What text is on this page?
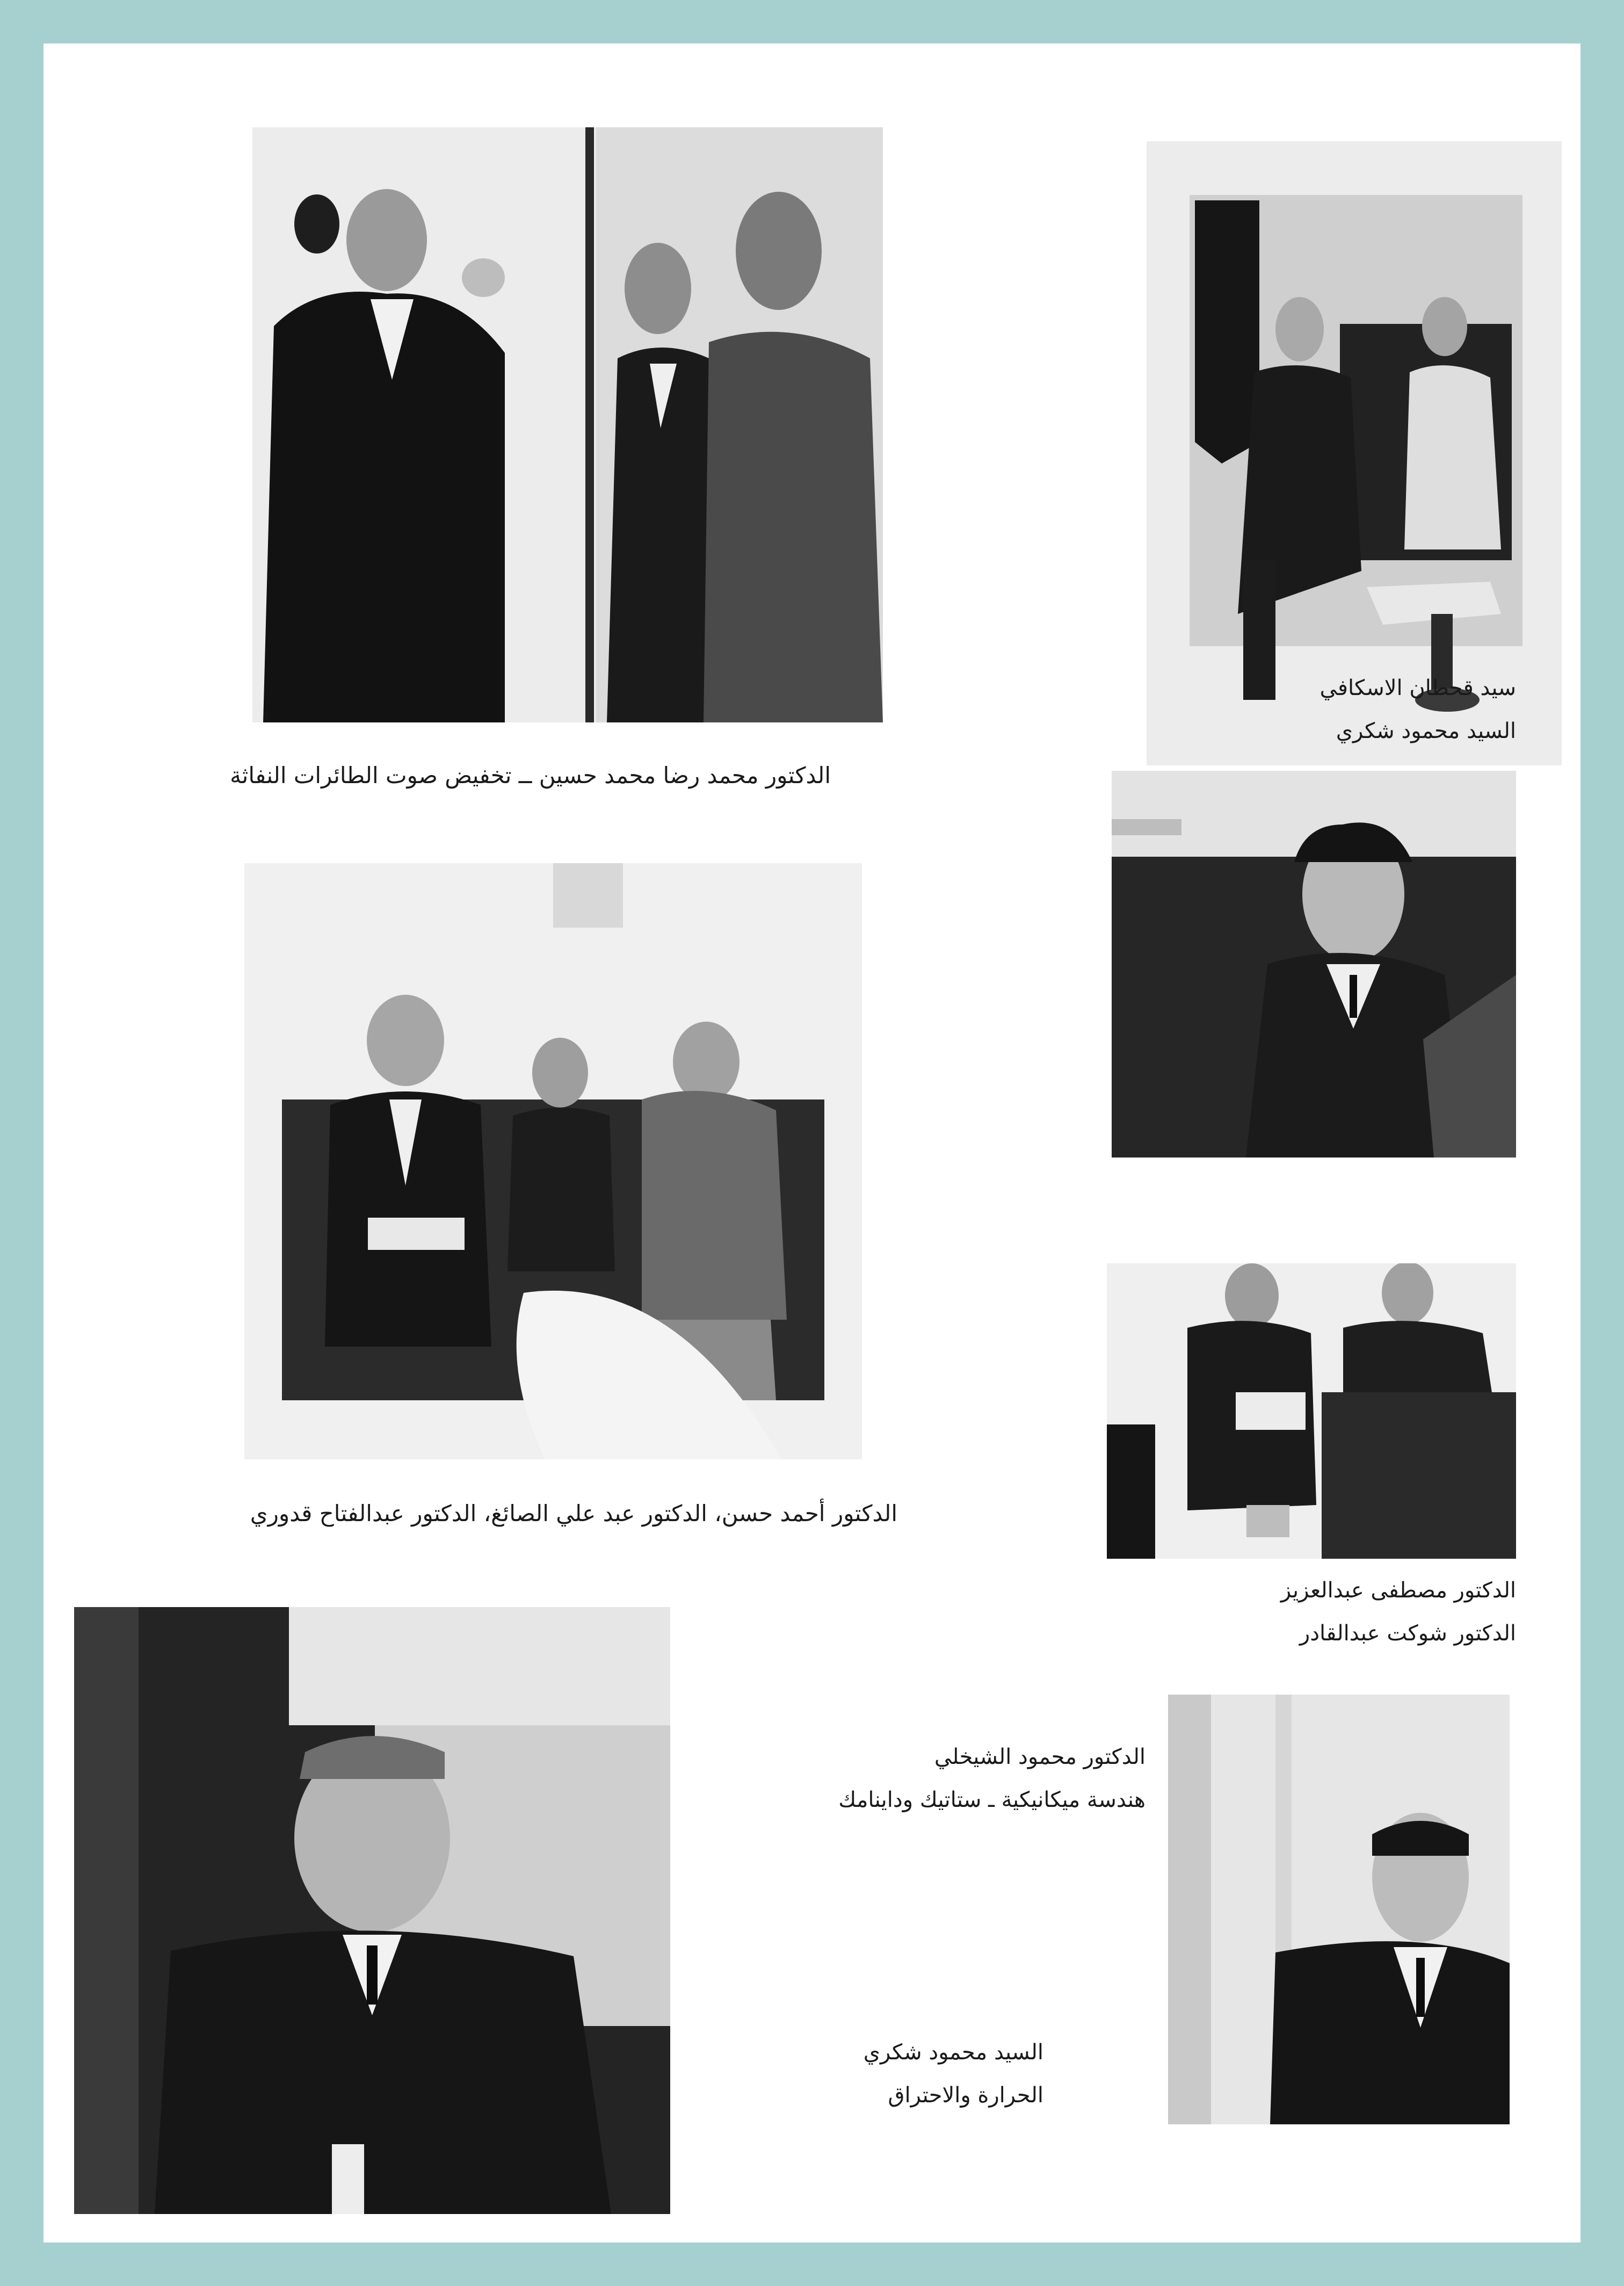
الدكتور محمد رضا محمد حسين ــ تخفيض صوت الطائرات النفاثة
سيد قحطان الاسكافي
السيد محمود شكري
الدكتور أحمد حسن، الدكتور عبد علي الصائغ، الدكتور عبدالفتاح قدوري
الدكتور مصطفى عبدالعزيز
الدكتور شوكت عبدالقادر
الدكتور محمود الشيخلي
هندسة ميكانيكية ـ ستاتيك وداينامك
السيد محمود شكري
الحرارة والاحتراق
